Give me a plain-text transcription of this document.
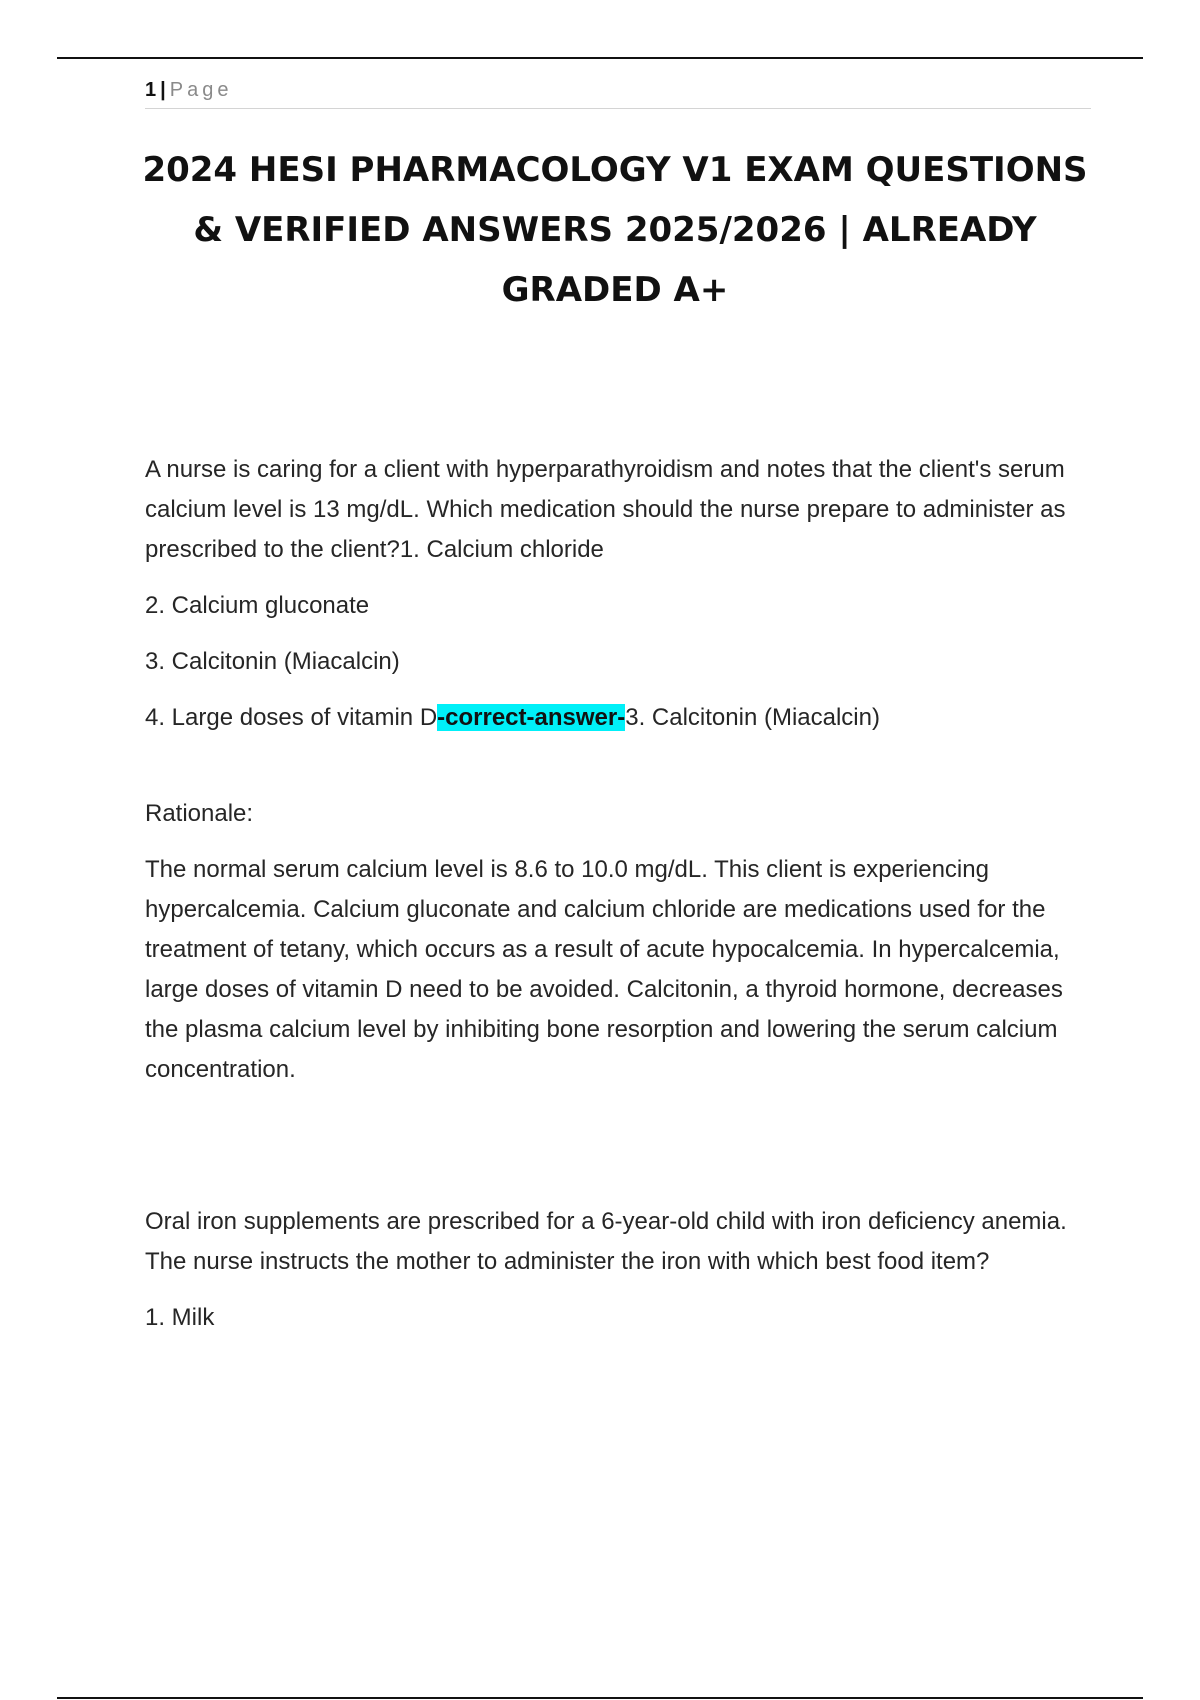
1 | Page
2024 HESI PHARMACOLOGY V1 EXAM QUESTIONS & VERIFIED ANSWERS 2025/2026 | ALREADY GRADED A+

A nurse is caring for a client with hyperparathyroidism and notes that the client's serum calcium level is 13 mg/dL. Which medication should the nurse prepare to administer as prescribed to the client?1. Calcium chloride

2. Calcium gluconate

3. Calcitonin (Miacalcin)

4. Large doses of vitamin D-correct-answer-3. Calcitonin (Miacalcin)

Rationale:

The normal serum calcium level is 8.6 to 10.0 mg/dL. This client is experiencing hypercalcemia. Calcium gluconate and calcium chloride are medications used for the treatment of tetany, which occurs as a result of acute hypocalcemia. In hypercalcemia, large doses of vitamin D need to be avoided. Calcitonin, a thyroid hormone, decreases the plasma calcium level by inhibiting bone resorption and lowering the serum calcium concentration.

Oral iron supplements are prescribed for a 6-year-old child with iron deficiency anemia. The nurse instructs the mother to administer the iron with which best food item?

1. Milk
